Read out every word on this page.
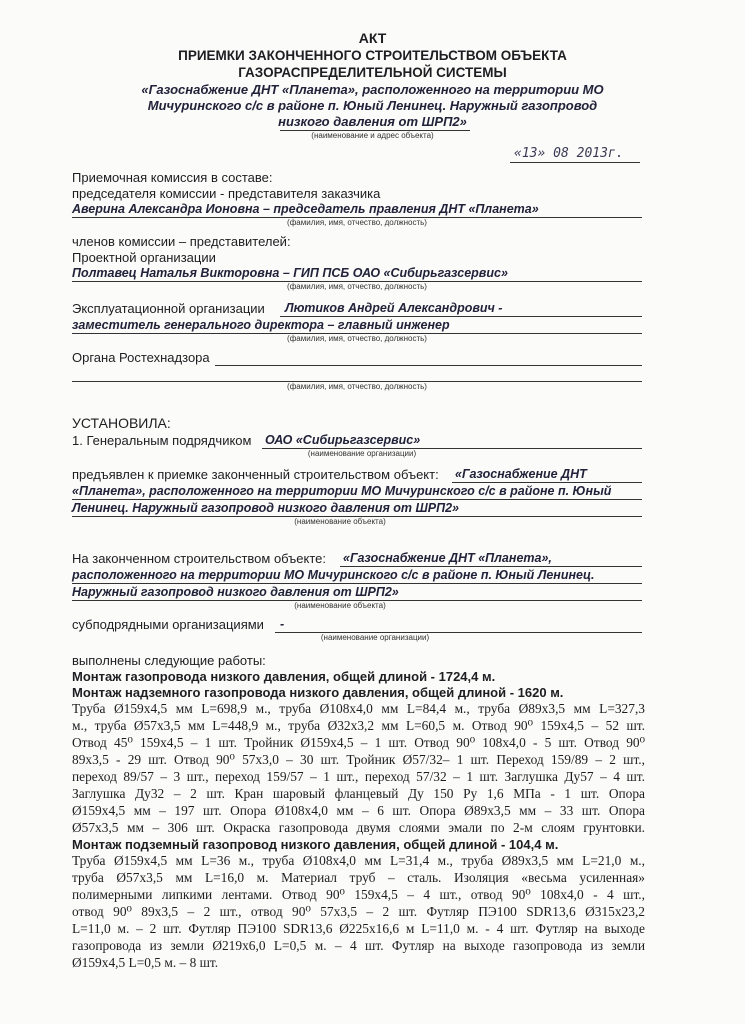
АКТ
ПРИЕМКИ ЗАКОНЧЕННОГО СТРОИТЕЛЬСТВОМ ОБЪЕКТА
ГАЗОРАСПРЕДЕЛИТЕЛЬНОЙ СИСТЕМЫ
«Газоснабжение ДНТ «Планета», расположенного на территории МО
Мичуринского с/с в районе п. Юный Ленинец. Наружный газопровод
низкого давления от ШРП2»
(наименование и адрес объекта)
«13» 08 2013г.
Приемочная комиссия в составе:
председателя комиссии - представителя заказчика
Аверина Александра Ионовна – председатель правления ДНТ «Планета»
(фамилия, имя, отчество, должность)
членов комиссии – представителей:
Проектной организации
Полтавец Наталья Викторовна – ГИП ПСБ ОАО «Сибирьгазсервис»
(фамилия, имя, отчество, должность)
Эксплуатационной организации Лютиков Андрей Александрович -
заместитель генерального директора – главный инженер
(фамилия, имя, отчество, должность)
Органа Ростехнадзора
(фамилия, имя, отчество, должность)
УСТАНОВИЛА:
1. Генеральным подрядчиком ОАО «Сибирьгазсервис»
(наименование организации)
предъявлен к приемке законченный строительством объект: «Газоснабжение ДНТ
«Планета», расположенного на территории МО Мичуринского с/с в районе п. Юный
Ленинец. Наружный газопровод низкого давления от ШРП2»
(наименование объекта)
На законченном строительством объекте: «Газоснабжение ДНТ «Планета»,
расположенного на территории МО Мичуринского с/с в районе п. Юный Ленинец.
Наружный газопровод низкого давления от ШРП2»
(наименование объекта)
субподрядными организациями -
(наименование организации)
выполнены следующие работы:
Монтаж газопровода низкого давления, общей длиной - 1724,4 м.
Монтаж надземного газопровода низкого давления, общей длиной - 1620 м.
Труба Ø159х4,5 мм L=698,9 м., труба Ø108х4,0 мм L=84,4 м., труба Ø89х3,5 мм L=327,3
м., труба Ø57х3,5 мм L=448,9 м., труба Ø32х3,2 мм L=60,5 м. Отвод 90⁰ 159х4,5 – 52 шт.
Отвод 45⁰ 159х4,5 – 1 шт. Тройник Ø159х4,5 – 1 шт. Отвод 90⁰ 108х4,0 - 5 шт. Отвод 90⁰
89х3,5 - 29 шт. Отвод 90⁰ 57х3,0 – 30 шт. Тройник Ø57/32– 1 шт. Переход 159/89 – 2 шт.,
переход 89/57 – 3 шт., переход 159/57 – 1 шт., переход 57/32 – 1 шт. Заглушка Ду57 – 4 шт.
Заглушка Ду32 – 2 шт. Кран шаровый фланцевый Ду 150 Ру 1,6 МПа - 1 шт. Опора
Ø159х4,5 мм – 197 шт. Опора Ø108х4,0 мм – 6 шт. Опора Ø89х3,5 мм – 33 шт. Опора
Ø57х3,5 мм – 306 шт. Окраска газопровода двумя слоями эмали по 2-м слоям грунтовки.
Монтаж подземный газопровод низкого давления, общей длиной - 104,4 м.
Труба Ø159х4,5 мм L=36 м., труба Ø108х4,0 мм L=31,4 м., труба Ø89х3,5 мм L=21,0 м.,
труба Ø57х3,5 мм L=16,0 м. Материал труб – сталь. Изоляция «весьма усиленная»
полимерными липкими лентами. Отвод 90⁰ 159х4,5 – 4 шт., отвод 90⁰ 108х4,0 - 4 шт.,
отвод 90⁰ 89х3,5 – 2 шт., отвод 90⁰ 57х3,5 – 2 шт. Футляр ПЭ100 SDR13,6 Ø315х23,2
L=11,0 м. – 2 шт. Футляр ПЭ100 SDR13,6 Ø225х16,6 м L=11,0 м. - 4 шт. Футляр на выходе
газопровода из земли Ø219х6,0 L=0,5 м. – 4 шт. Футляр на выходе газопровода из земли
Ø159х4,5 L=0,5 м. – 8 шт.
